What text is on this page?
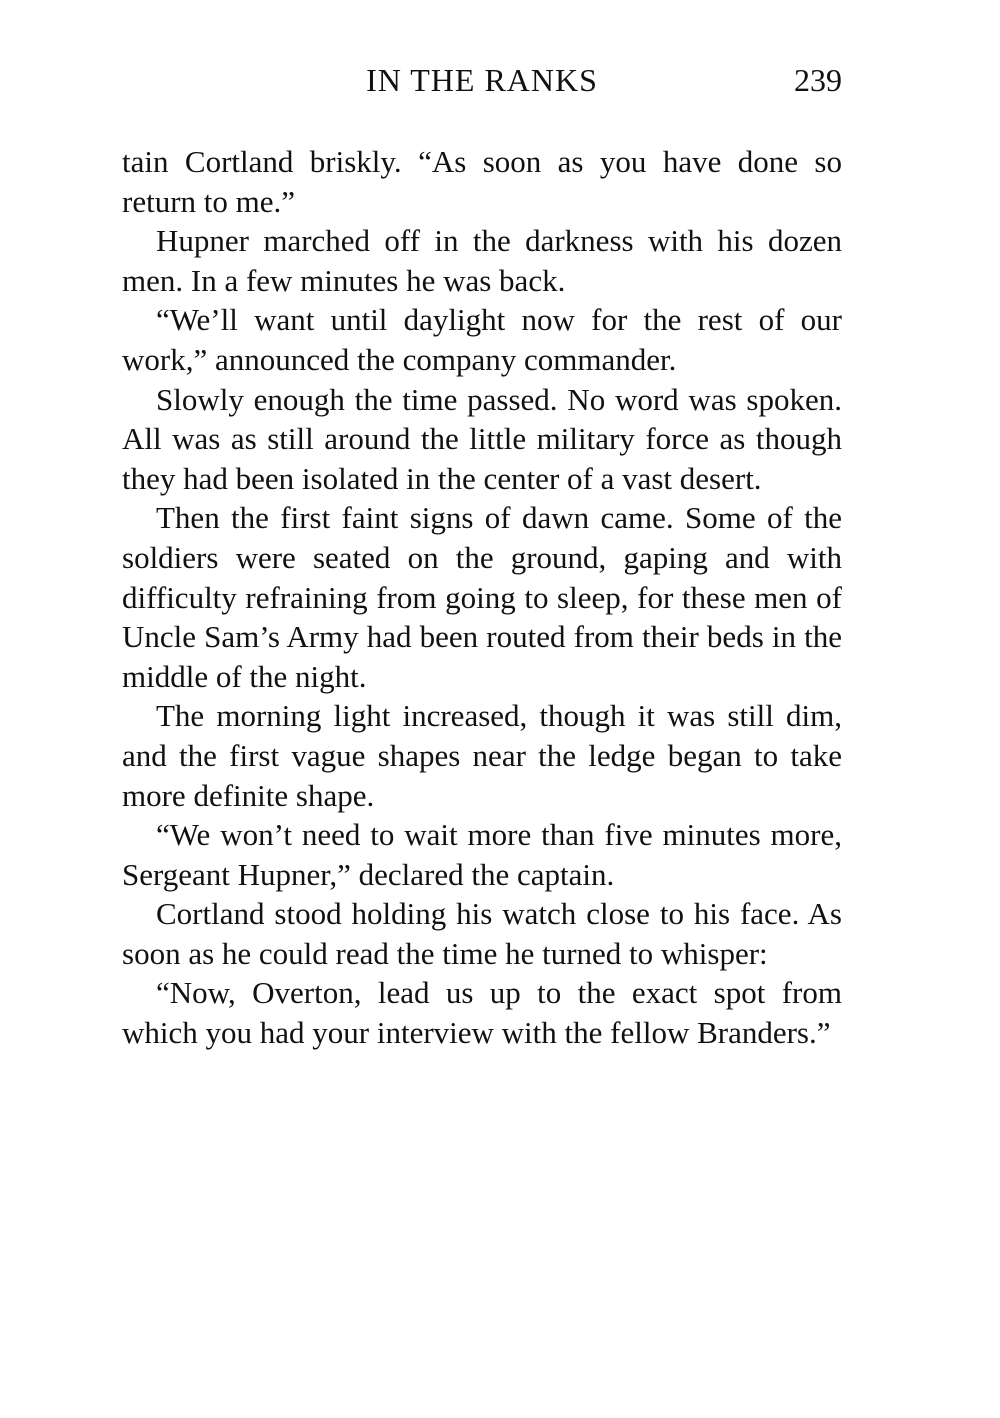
IN THE RANKS	239

tain Cortland briskly. “As soon as you have done so return to me.”

Hupner marched off in the darkness with his dozen men. In a few minutes he was back.

“We’ll want until daylight now for the rest of our work,” announced the company commander.

Slowly enough the time passed. No word was spoken. All was as still around the little military force as though they had been isolated in the center of a vast desert.

Then the first faint signs of dawn came. Some of the soldiers were seated on the ground, gaping and with difficulty refraining from going to sleep, for these men of Uncle Sam’s Army had been routed from their beds in the middle of the night.

The morning light increased, though it was still dim, and the first vague shapes near the ledge began to take more definite shape.

“We won’t need to wait more than five minutes more, Sergeant Hupner,” declared the captain.

Cortland stood holding his watch close to his face. As soon as he could read the time he turned to whisper:

“Now, Overton, lead us up to the exact spot from which you had your interview with the fellow Branders.”
